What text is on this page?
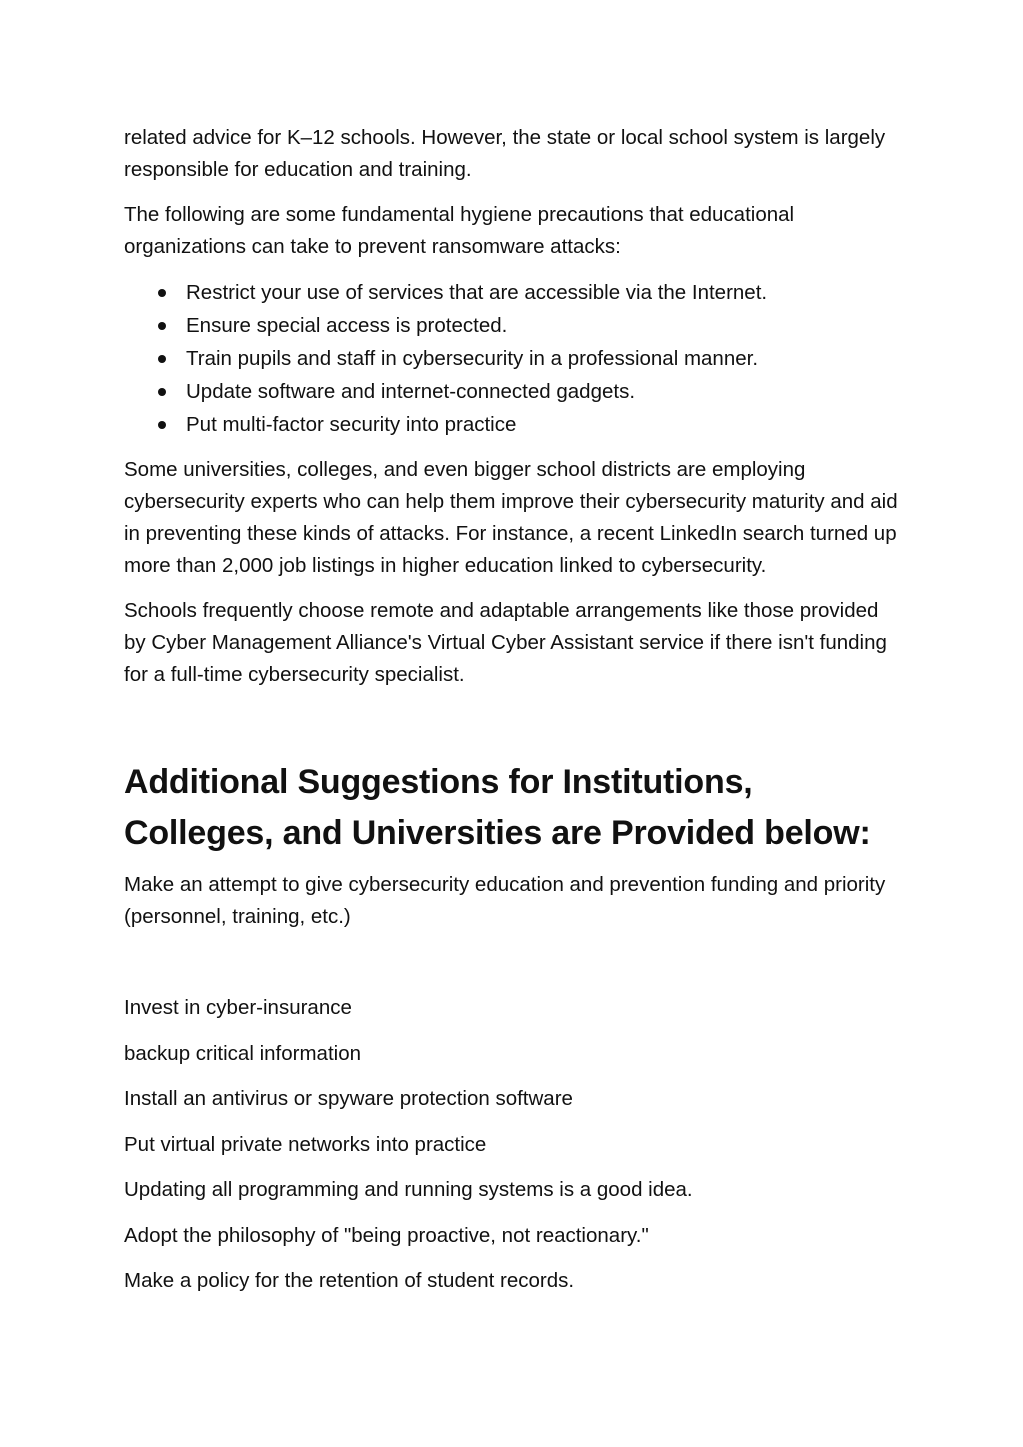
related advice for K–12 schools. However, the state or local school system is largely responsible for education and training.

The following are some fundamental hygiene precautions that educational organizations can take to prevent ransomware attacks:

Restrict your use of services that are accessible via the Internet.
Ensure special access is protected.
Train pupils and staff in cybersecurity in a professional manner.
Update software and internet-connected gadgets.
Put multi-factor security into practice

Some universities, colleges, and even bigger school districts are employing cybersecurity experts who can help them improve their cybersecurity maturity and aid in preventing these kinds of attacks. For instance, a recent LinkedIn search turned up more than 2,000 job listings in higher education linked to cybersecurity.

Schools frequently choose remote and adaptable arrangements like those provided by Cyber Management Alliance's Virtual Cyber Assistant service if there isn't funding for a full-time cybersecurity specialist.

Additional Suggestions for Institutions, Colleges, and Universities are Provided below:

Make an attempt to give cybersecurity education and prevention funding and priority (personnel, training, etc.)

Invest in cyber-insurance

backup critical information

Install an antivirus or spyware protection software

Put virtual private networks into practice

Updating all programming and running systems is a good idea.

Adopt the philosophy of "being proactive, not reactionary."

Make a policy for the retention of student records.
